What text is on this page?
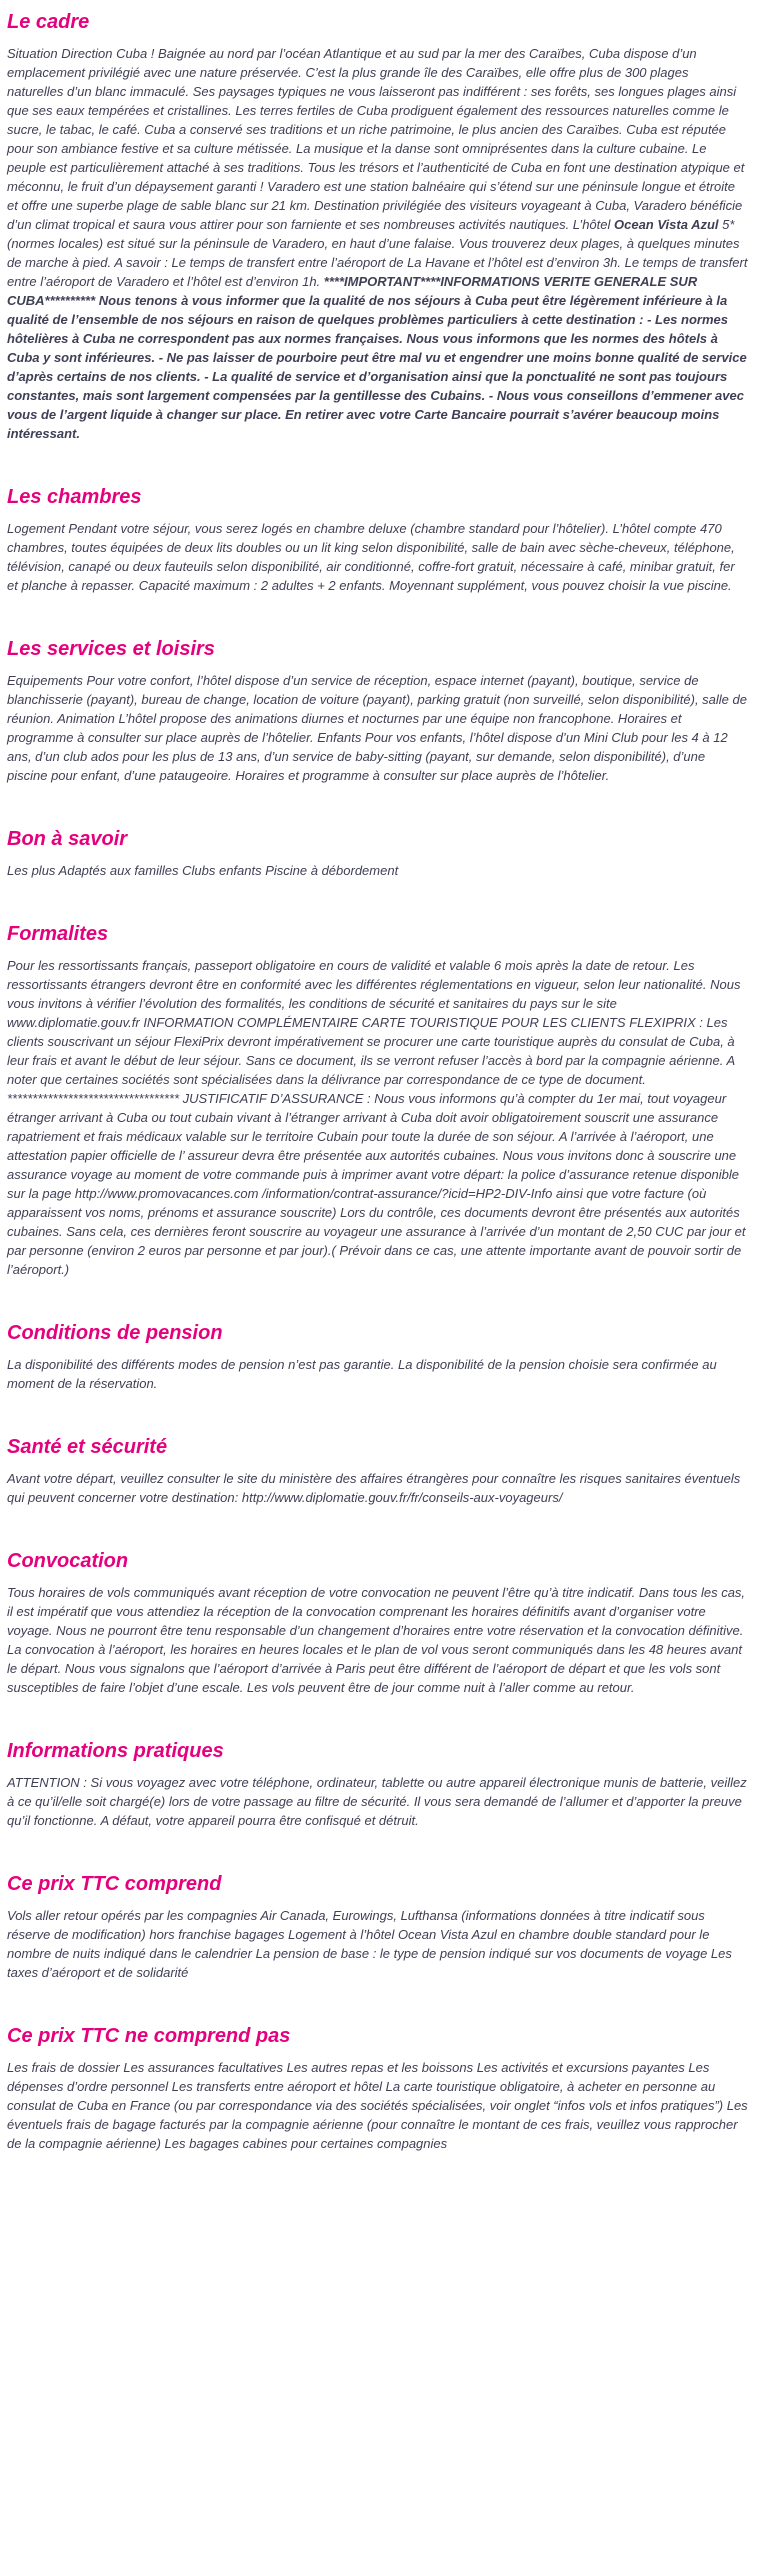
Le cadre

Situation Direction Cuba ! Baignée au nord par l’océan Atlantique et au sud par la mer des Caraïbes, Cuba dispose d’un emplacement privilégié avec une nature préservée. C’est la plus grande île des Caraïbes, elle offre plus de 300 plages naturelles d’un blanc immaculé. Ses paysages typiques ne vous laisseront pas indifférent : ses forêts, ses longues plages ainsi que ses eaux tempérées et cristallines. Les terres fertiles de Cuba prodiguent également des ressources naturelles comme le sucre, le tabac, le café. Cuba a conservé ses traditions et un riche patrimoine, le plus ancien des Caraïbes. Cuba est réputée pour son ambiance festive et sa culture métissée. La musique et la danse sont omniprésentes dans la culture cubaine. Le peuple est particulièrement attaché à ses traditions. Tous les trésors et l’authenticité de Cuba en font une destination atypique et méconnu, le fruit d’un dépaysement garanti ! Varadero est une station balnéaire qui s’étend sur une péninsule longue et étroite et offre une superbe plage de sable blanc sur 21 km. Destination privilégiée des visiteurs voyageant à Cuba, Varadero bénéficie d’un climat tropical et saura vous attirer pour son farniente et ses nombreuses activités nautiques. L’hôtel Ocean Vista Azul 5* (normes locales) est situé sur la péninsule de Varadero, en haut d’une falaise. Vous trouverez deux plages, à quelques minutes de marche à pied. A savoir : Le temps de transfert entre l’aéroport de La Havane et l’hôtel est d’environ 3h. Le temps de transfert entre l’aéroport de Varadero et l’hôtel est d’environ 1h. ****IMPORTANT****INFORMATIONS VERITE GENERALE SUR CUBA********** Nous tenons à vous informer que la qualité de nos séjours à Cuba peut être légèrement inférieure à la qualité de l’ensemble de nos séjours en raison de quelques problèmes particuliers à cette destination : - Les normes hôtelières à Cuba ne correspondent pas aux normes françaises. Nous vous informons que les normes des hôtels à Cuba y sont inférieures. - Ne pas laisser de pourboire peut être mal vu et engendrer une moins bonne qualité de service d’après certains de nos clients. - La qualité de service et d’organisation ainsi que la ponctualité ne sont pas toujours constantes, mais sont largement compensées par la gentillesse des Cubains. - Nous vous conseillons d’emmener avec vous de l’argent liquide à changer sur place. En retirer avec votre Carte Bancaire pourrait s’avérer beaucoup moins intéressant.

Les chambres

Logement Pendant votre séjour, vous serez logés en chambre deluxe (chambre standard pour l’hôtelier). L’hôtel compte 470 chambres, toutes équipées de deux lits doubles ou un lit king selon disponibilité, salle de bain avec sèche-cheveux, téléphone, télévision, canapé ou deux fauteuils selon disponibilité, air conditionné, coffre-fort gratuit, nécessaire à café, minibar gratuit, fer et planche à repasser. Capacité maximum : 2 adultes + 2 enfants. Moyennant supplément, vous pouvez choisir la vue piscine.

Les services et loisirs

Equipements Pour votre confort, l’hôtel dispose d’un service de réception, espace internet (payant), boutique, service de blanchisserie (payant), bureau de change, location de voiture (payant), parking gratuit (non surveillé, selon disponibilité), salle de réunion. Animation L’hôtel propose des animations diurnes et nocturnes par une équipe non francophone. Horaires et programme à consulter sur place auprès de l’hôtelier. Enfants Pour vos enfants, l’hôtel dispose d’un Mini Club pour les 4 à 12 ans, d’un club ados pour les plus de 13 ans, d’un service de baby-sitting (payant, sur demande, selon disponibilité), d’une piscine pour enfant, d’une pataugeoire. Horaires et programme à consulter sur place auprès de l’hôtelier.

Bon à savoir

Les plus Adaptés aux familles Clubs enfants Piscine à débordement

Formalites

Pour les ressortissants français, passeport obligatoire en cours de validité et valable 6 mois après la date de retour. Les ressortissants étrangers devront être en conformité avec les différentes réglementations en vigueur, selon leur nationalité. Nous vous invitons à vérifier l’évolution des formalités, les conditions de sécurité et sanitaires du pays sur le site www.diplomatie.gouv.fr INFORMATION COMPLÉMENTAIRE CARTE TOURISTIQUE POUR LES CLIENTS FLEXIPRIX : Les clients souscrivant un séjour FlexiPrix devront impérativement se procurer une carte touristique auprès du consulat de Cuba, à leur frais et avant le début de leur séjour. Sans ce document, ils se verront refuser l’accès à bord par la compagnie aérienne. A noter que certaines sociétés sont spécialisées dans la délivrance par correspondance de ce type de document. ********************************** JUSTIFICATIF D’ASSURANCE : Nous vous informons qu’à compter du 1er mai, tout voyageur étranger arrivant à Cuba ou tout cubain vivant à l’étranger arrivant à Cuba doit avoir obligatoirement souscrit une assurance rapatriement et frais médicaux valable sur le territoire Cubain pour toute la durée de son séjour. A l’arrivée à l’aéroport, une attestation papier officielle de l’ assureur devra être présentée aux autorités cubaines. Nous vous invitons donc à souscrire une assurance voyage au moment de votre commande puis à imprimer avant votre départ: la police d’assurance retenue disponible sur la page http://www.promovacances.com /information/contrat-assurance/?icid=HP2-DIV-Info ainsi que votre facture (où apparaissent vos noms, prénoms et assurance souscrite) Lors du contrôle, ces documents devront être présentés aux autorités cubaines. Sans cela, ces dernières feront souscrire au voyageur une assurance à l’arrivée d’un montant de 2,50 CUC par jour et par personne (environ 2 euros par personne et par jour).( Prévoir dans ce cas, une attente importante avant de pouvoir sortir de l’aéroport.)

Conditions de pension

La disponibilité des différents modes de pension n’est pas garantie. La disponibilité de la pension choisie sera confirmée au moment de la réservation.

Santé et sécurité

Avant votre départ, veuillez consulter le site du ministère des affaires étrangères pour connaître les risques sanitaires éventuels qui peuvent concerner votre destination: http://www.diplomatie.gouv.fr/fr/conseils-aux-voyageurs/

Convocation

Tous horaires de vols communiqués avant réception de votre convocation ne peuvent l’être qu’à titre indicatif. Dans tous les cas, il est impératif que vous attendiez la réception de la convocation comprenant les horaires définitifs avant d’organiser votre voyage. Nous ne pourront être tenu responsable d’un changement d’horaires entre votre réservation et la convocation définitive. La convocation à l’aéroport, les horaires en heures locales et le plan de vol vous seront communiqués dans les 48 heures avant le départ. Nous vous signalons que l’aéroport d’arrivée à Paris peut être différent de l’aéroport de départ et que les vols sont susceptibles de faire l’objet d’une escale. Les vols peuvent être de jour comme nuit à l’aller comme au retour.

Informations pratiques

ATTENTION : Si vous voyagez avec votre téléphone, ordinateur, tablette ou autre appareil électronique munis de batterie, veillez à ce qu’il/elle soit chargé(e) lors de votre passage au filtre de sécurité. Il vous sera demandé de l’allumer et d’apporter la preuve qu’il fonctionne. A défaut, votre appareil pourra être confisqué et détruit.

Ce prix TTC comprend

Vols aller retour opérés par les compagnies Air Canada, Eurowings, Lufthansa (informations données à titre indicatif sous réserve de modification) hors franchise bagages Logement à l’hôtel Ocean Vista Azul en chambre double standard pour le nombre de nuits indiqué dans le calendrier La pension de base : le type de pension indiqué sur vos documents de voyage Les taxes d’aéroport et de solidarité

Ce prix TTC ne comprend pas

Les frais de dossier Les assurances facultatives Les autres repas et les boissons Les activités et excursions payantes Les dépenses d’ordre personnel Les transferts entre aéroport et hôtel La carte touristique obligatoire, à acheter en personne au consulat de Cuba en France (ou par correspondance via des sociétés spécialisées, voir onglet “infos vols et infos pratiques”) Les éventuels frais de bagage facturés par la compagnie aérienne (pour connaître le montant de ces frais, veuillez vous rapprocher de la compagnie aérienne) Les bagages cabines pour certaines compagnies
